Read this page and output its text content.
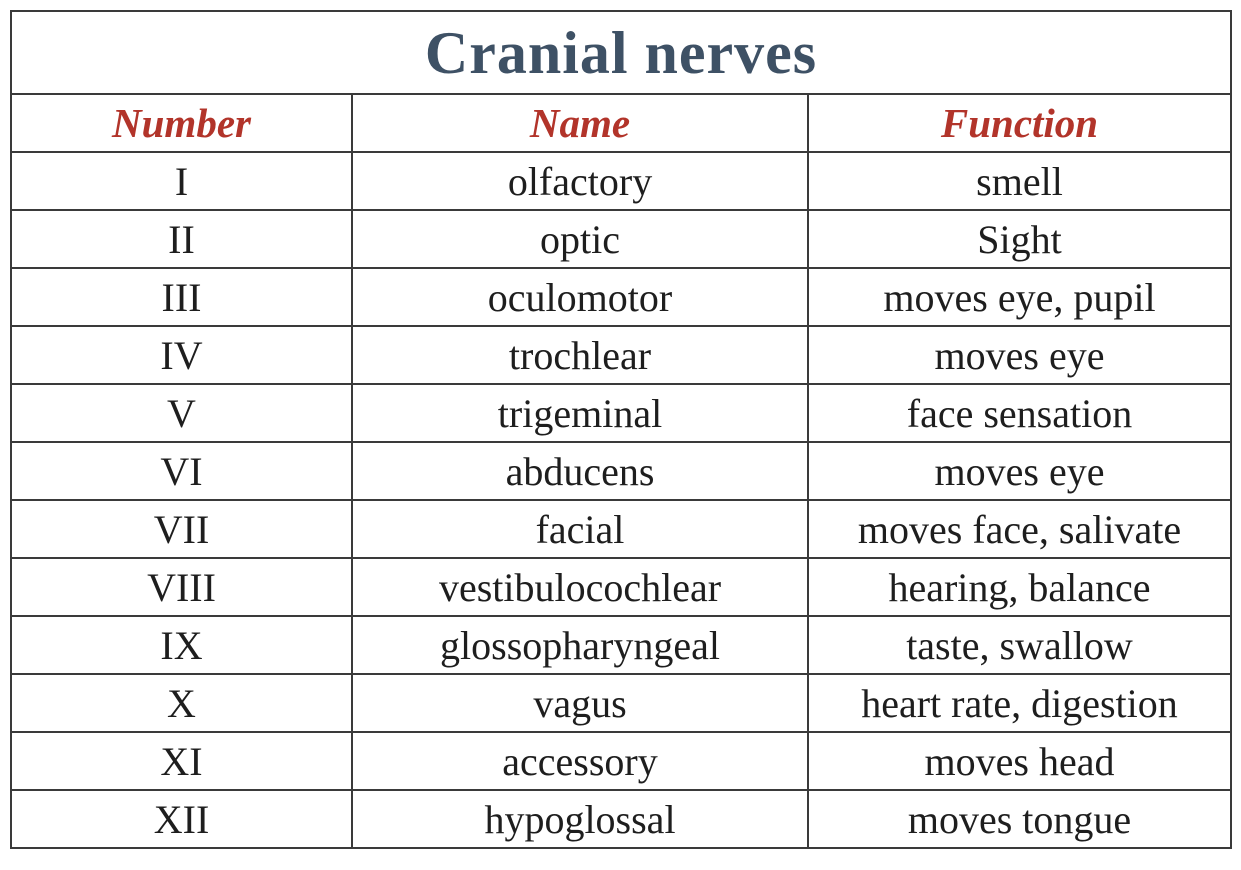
Cranial nerves
Number	Name	Function
I	olfactory	smell
II	optic	Sight
III	oculomotor	moves eye, pupil
IV	trochlear	moves eye
V	trigeminal	face sensation
VI	abducens	moves eye
VII	facial	moves face, salivate
VIII	vestibulocochlear	hearing, balance
IX	glossopharyngeal	taste, swallow
X	vagus	heart rate, digestion
XI	accessory	moves head
XII	hypoglossal	moves tongue
